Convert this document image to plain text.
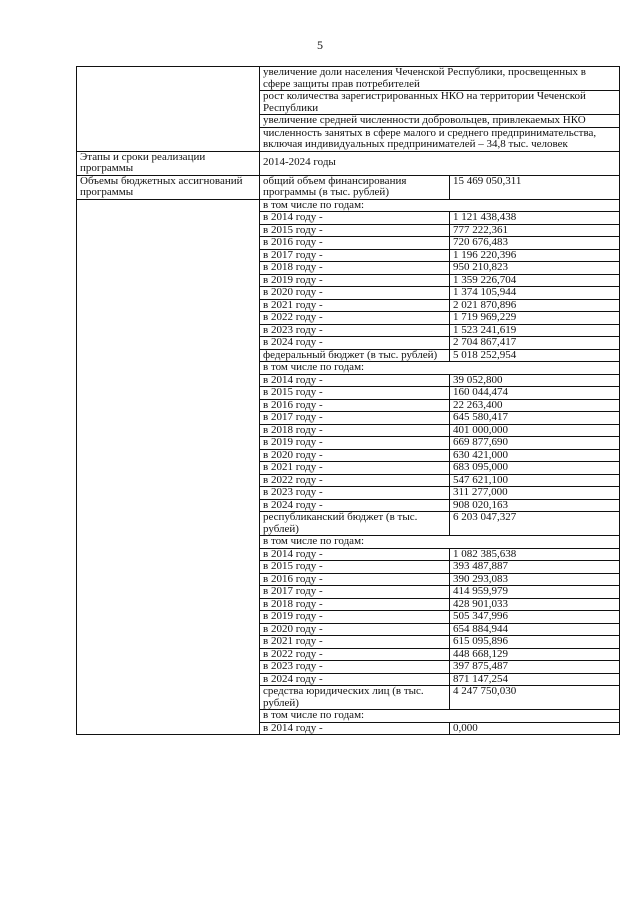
5
	увеличение доли населения Чеченской Республики, просвещенных в сфере защиты прав потребителей	
	рост количества зарегистрированных НКО на территории Чеченской Республики	
	увеличение средней численности добровольцев, привлекаемых НКО	
	численность занятых в сфере малого и среднего предпринимательства, включая индивидуальных предпринимателей – 34,8 тыс. человек	
Этапы и сроки реализации программы	2014-2024 годы	
Объемы бюджетных ассигнований программы	общий объем финансирования программы (в тыс. рублей)	15 469 050,311
	в том числе по годам:	
	в 2014 году -	1 121 438,438
	в 2015 году -	777 222,361
	в 2016 году -	720 676,483
	в 2017 году -	1 196 220,396
	в 2018 году -	950 210,823
	в 2019 году -	1 359 226,704
	в 2020 году -	1 374 105,944
	в 2021 году -	2 021 870,896
	в 2022 году -	1 719 969,229
	в 2023 году -	1 523 241,619
	в 2024 году -	2 704 867,417
	федеральный бюджет (в тыс. рублей)	5 018 252,954
	в том числе по годам:	
	в 2014 году -	39 052,800
	в 2015 году -	160 044,474
	в 2016 году -	22 263,400
	в 2017 году -	645 580,417
	в 2018 году -	401 000,000
	в 2019 году -	669 877,690
	в 2020 году -	630 421,000
	в 2021 году -	683 095,000
	в 2022 году -	547 621,100
	в 2023 году -	311 277,000
	в 2024 году -	908 020,163
	республиканский бюджет (в тыс. рублей)	6 203 047,327
	в том числе по годам:	
	в 2014 году -	1 082 385,638
	в 2015 году -	393 487,887
	в 2016 году -	390 293,083
	в 2017 году -	414 959,979
	в 2018 году -	428 901,033
	в 2019 году -	505 347,996
	в 2020 году -	654 884,944
	в 2021 году -	615 095,896
	в 2022 году -	448 668,129
	в 2023 году -	397 875,487
	в 2024 году -	871 147,254
	средства юридических лиц (в тыс. рублей)	4 247 750,030
	в том числе по годам:	
	в 2014 году -	0,000
